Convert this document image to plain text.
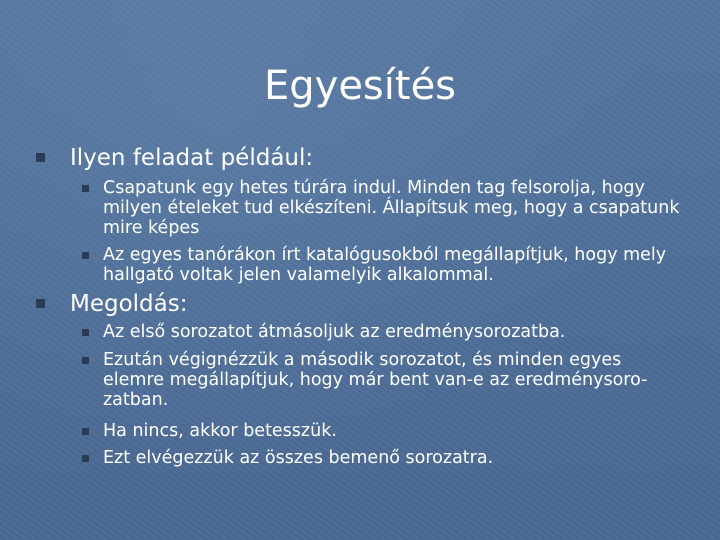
Egyesítés
Ilyen feladat például:
Csapatunk egy hetes túrára indul. Minden tag felsorolja, hogy
milyen ételeket tud elkészíteni. Állapítsuk meg, hogy a csapatunk
mire képes
Az egyes tanórákon írt katalógusokból megállapítjuk, hogy mely
hallgató voltak jelen valamelyik alkalommal.
Megoldás:
Az első sorozatot átmásoljuk az eredménysorozatba.
Ezután végignézzük a második sorozatot, és minden egyes
elemre megállapítjuk, hogy már bent van-e az eredménysoro-
zatban.
Ha nincs, akkor betesszük.
Ezt elvégezzük az összes bemenő sorozatra.
